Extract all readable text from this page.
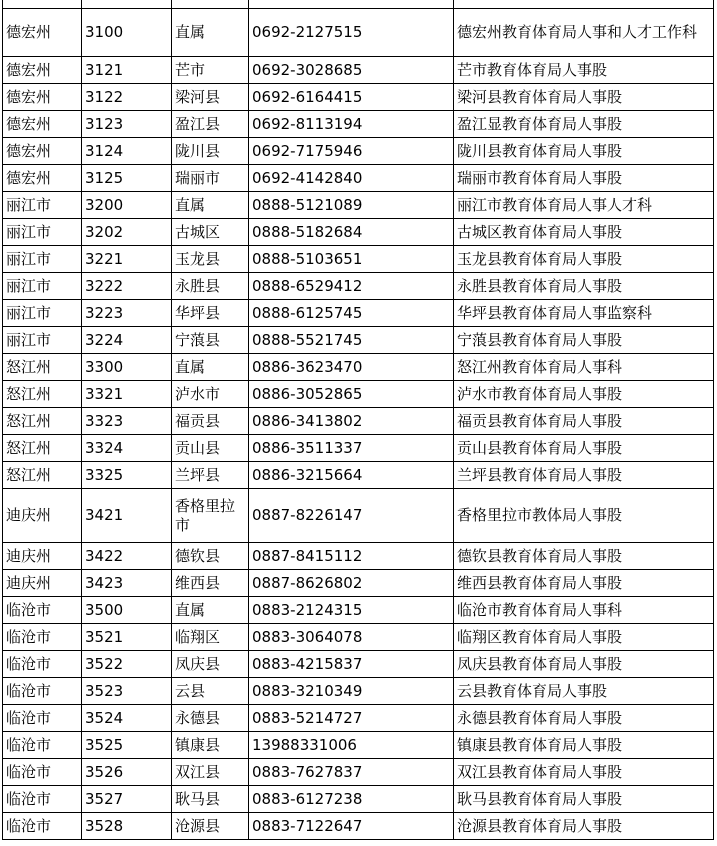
德宏州	3100	直属	0692-2127515	德宏州教育体育局人事和人才工作科
德宏州	3121	芒市	0692-3028685	芒市教育体育局人事股
德宏州	3122	梁河县	0692-6164415	梁河县教育体育局人事股
德宏州	3123	盈江县	0692-8113194	盈江显教育体育局人事股
德宏州	3124	陇川县	0692-7175946	陇川县教育体育局人事股
德宏州	3125	瑞丽市	0692-4142840	瑞丽市教育体育局人事股
丽江市	3200	直属	0888-5121089	丽江市教育体育局人事人才科
丽江市	3202	古城区	0888-5182684	古城区教育体育局人事股
丽江市	3221	玉龙县	0888-5103651	玉龙县教育体育局人事股
丽江市	3222	永胜县	0888-6529412	永胜县教育体育局人事股
丽江市	3223	华坪县	0888-6125745	华坪县教育体育局人事监察科
丽江市	3224	宁蒗县	0888-5521745	宁蒗县教育体育局人事股
怒江州	3300	直属	0886-3623470	怒江州教育体育局人事科
怒江州	3321	泸水市	0886-3052865	泸水市教育体育局人事股
怒江州	3323	福贡县	0886-3413802	福贡县教育体育局人事股
怒江州	3324	贡山县	0886-3511337	贡山县教育体育局人事股
怒江州	3325	兰坪县	0886-3215664	兰坪县教育体育局人事股
迪庆州	3421	香格里拉市	0887-8226147	香格里拉市教体局人事股
迪庆州	3422	德钦县	0887-8415112	德钦县教育体育局人事股
迪庆州	3423	维西县	0887-8626802	维西县教育体育局人事股
临沧市	3500	直属	0883-2124315	临沧市教育体育局人事科
临沧市	3521	临翔区	0883-3064078	临翔区教育体育局人事股
临沧市	3522	凤庆县	0883-4215837	凤庆县教育体育局人事股
临沧市	3523	云县	0883-3210349	云县教育体育局人事股
临沧市	3524	永德县	0883-5214727	永德县教育体育局人事股
临沧市	3525	镇康县	13988331006	镇康县教育体育局人事股
临沧市	3526	双江县	0883-7627837	双江县教育体育局人事股
临沧市	3527	耿马县	0883-6127238	耿马县教育体育局人事股
临沧市	3528	沧源县	0883-7122647	沧源县教育体育局人事股
